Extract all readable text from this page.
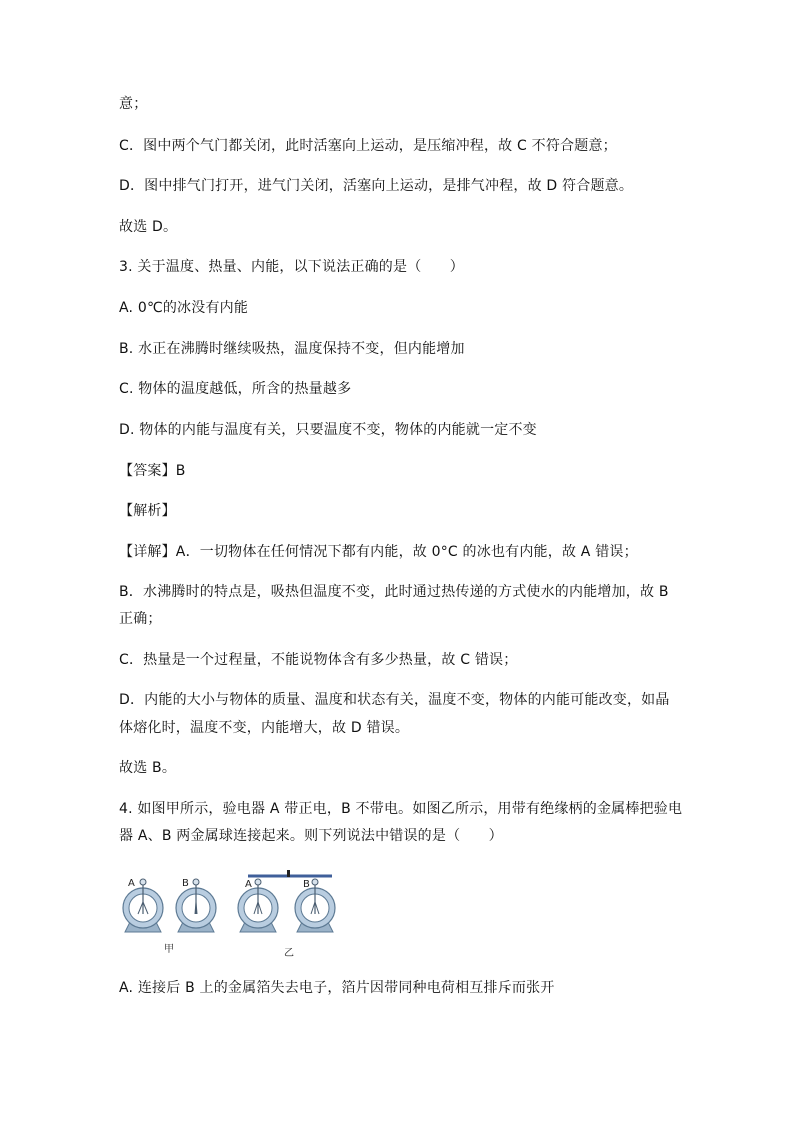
意；
C．图中两个气门都关闭，此时活塞向上运动，是压缩冲程，故 C 不符合题意；
D．图中排气门打开，进气门关闭，活塞向上运动，是排气冲程，故 D 符合题意。
故选 D。
3. 关于温度、热量、内能，以下说法正确的是（　　）
A. 0℃的冰没有内能
B. 水正在沸腾时继续吸热，温度保持不变，但内能增加
C. 物体的温度越低，所含的热量越多
D. 物体的内能与温度有关，只要温度不变，物体的内能就一定不变
【答案】B
【解析】
【详解】A．一切物体在任何情况下都有内能，故 0°C 的冰也有内能，故 A 错误；
B．水沸腾时的特点是，吸热但温度不变，此时通过热传递的方式使水的内能增加，故 B
正确；
C．热量是一个过程量，不能说物体含有多少热量，故 C 错误；
D．内能的大小与物体的质量、温度和状态有关，温度不变，物体的内能可能改变，如晶
体熔化时，温度不变，内能增大，故 D 错误。
故选 B。
4. 如图甲所示，验电器 A 带正电，B 不带电。如图乙所示，用带有绝缘柄的金属棒把验电
器 A、B 两金属球连接起来。则下列说法中错误的是（　　）
A	B
甲
A	B
乙
A. 连接后 B 上的金属箔失去电子，箔片因带同种电荷相互排斥而张开
